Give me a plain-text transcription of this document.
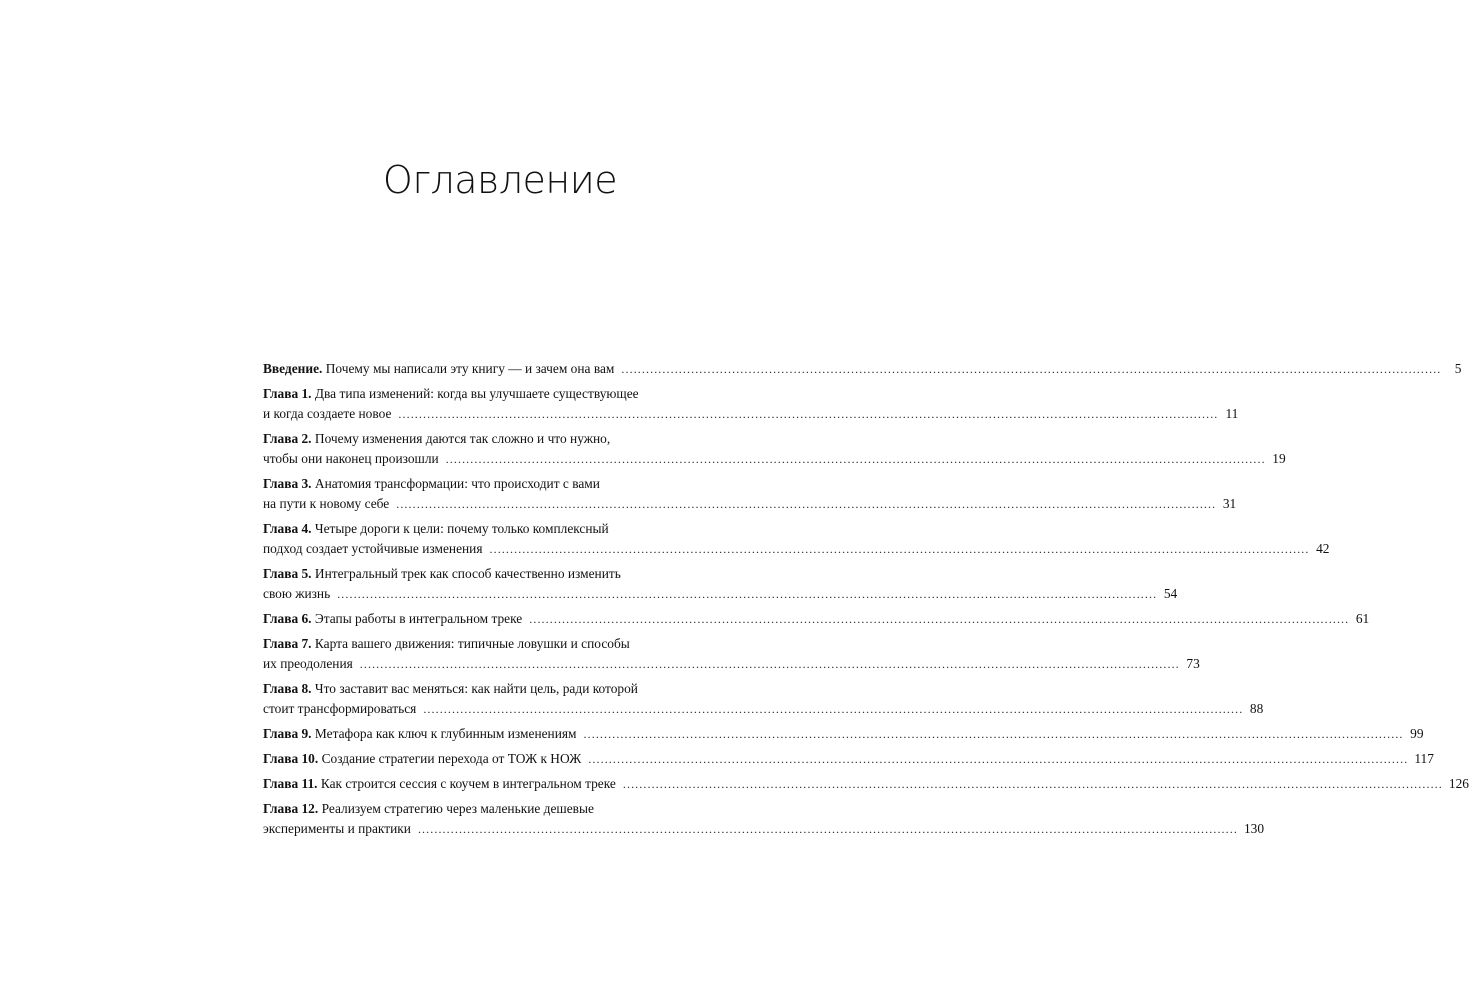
Оглавление
Введение. Почему мы написали эту книгу — и зачем она вам ........................................................................................................................................................................................................ 5
Глава 1. Два типа изменений: когда вы улучшаете существующее
и когда создаете новое ........................................................................................................................................................................................................ 11
Глава 2. Почему изменения даются так сложно и что нужно,
чтобы они наконец произошли ........................................................................................................................................................................................................ 19
Глава 3. Анатомия трансформации: что происходит с вами
на пути к новому себе ........................................................................................................................................................................................................ 31
Глава 4. Четыре дороги к цели: почему только комплексный
подход создает устойчивые изменения ........................................................................................................................................................................................................ 42
Глава 5. Интегральный трек как способ качественно изменить
свою жизнь ........................................................................................................................................................................................................ 54
Глава 6. Этапы работы в интегральном треке ........................................................................................................................................................................................................ 61
Глава 7. Карта вашего движения: типичные ловушки и способы
их преодоления ........................................................................................................................................................................................................ 73
Глава 8. Что заставит вас меняться: как найти цель, ради которой
стоит трансформироваться ........................................................................................................................................................................................................ 88
Глава 9. Метафора как ключ к глубинным изменениям ........................................................................................................................................................................................................ 99
Глава 10. Создание стратегии перехода от ТОЖ к НОЖ ........................................................................................................................................................................................................ 117
Глава 11. Как строится сессия с коучем в интегральном треке ........................................................................................................................................................................................................ 126
Глава 12. Реализуем стратегию через маленькие дешевые
эксперименты и практики ........................................................................................................................................................................................................ 130
